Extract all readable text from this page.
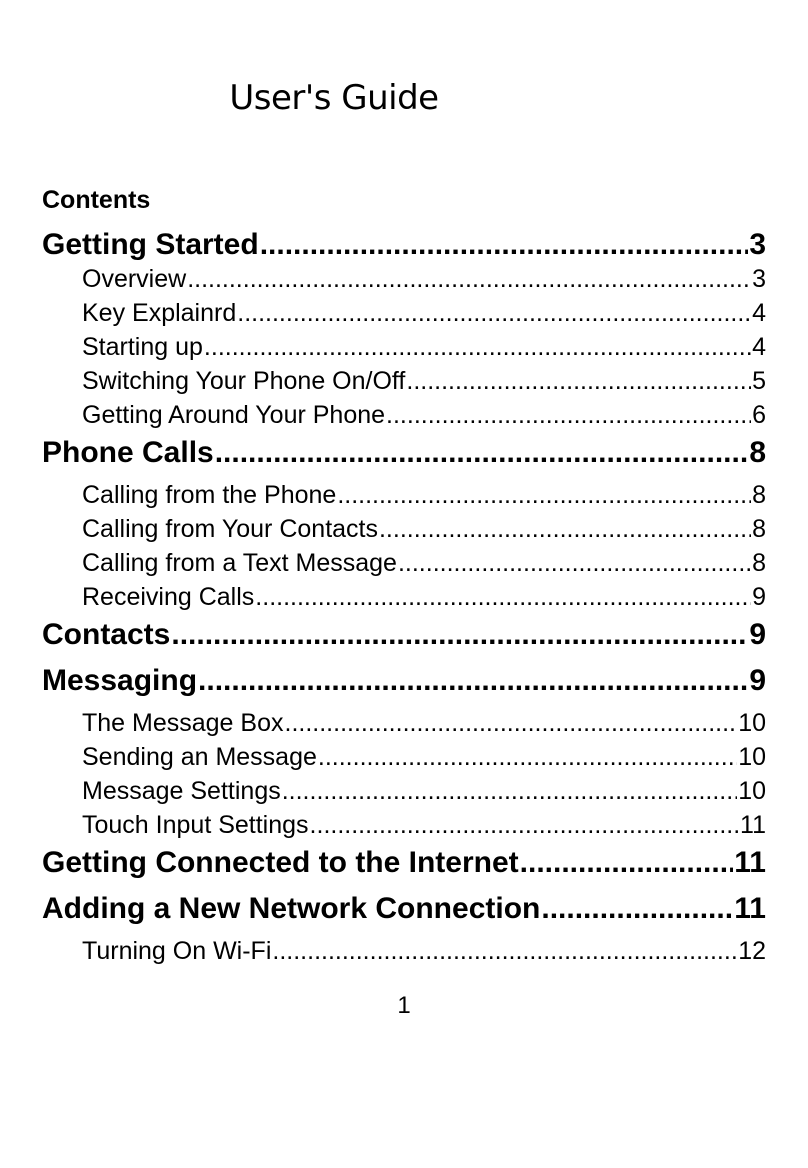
User's Guide
Contents
Getting Started .....	3
Overview .....	3
Key Explainrd .....	4
Starting up .....	4
Switching Your Phone On/Off .....	5
Getting Around Your Phone .....	6
Phone Calls .....	8
Calling from the Phone .....	8
Calling from Your Contacts .....	8
Calling from a Text Message .....	8
Receiving Calls .....	9
Contacts .....	9
Messaging .....	9
The Message Box .....	10
Sending an Message .....	10
Message Settings .....	10
Touch Input Settings .....	11
Getting Connected to the Internet .....	11
Adding a New Network Connection .....	11
Turning On Wi-Fi .....	12
1
